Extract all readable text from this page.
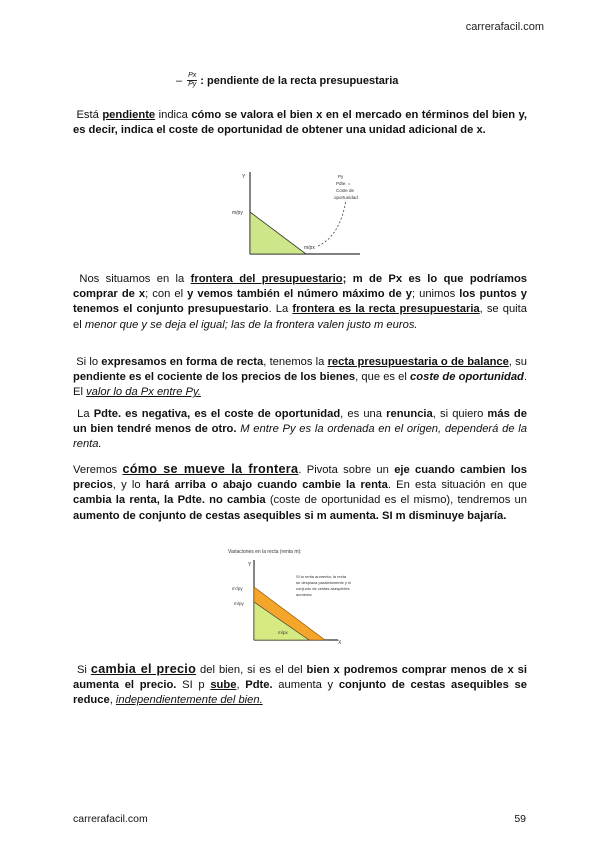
carrerafacil.com
– $\frac{Px}{Py}$ : pendiente de la recta presupuestaria

Está pendiente indica cómo se valora el bien x en el mercado en términos del bien y, es decir, indica el coste de oportunidad de obtener una unidad adicional de x.

Y
m/py
m/px
Py
Pdte. =
Coste de
oportunidad

Nos situamos en la frontera del presupuestario; m de Px es lo que podríamos comprar de x; con el y vemos también el número máximo de y; unimos los puntos y tenemos el conjunto presupuestario. La frontera es la recta presupuestaria, se quita el menor que y se deja el igual; las de la frontera valen justo m euros.

Si lo expresamos en forma de recta, tenemos la recta presupuestaria o de balance, su pendiente es el cociente de los precios de los bienes, que es el coste de oportunidad. El valor lo da Px entre Py.

La Pdte. es negativa, es el coste de oportunidad, es una renuncia, si quiero más de un bien tendré menos de otro. M entre Py es la ordenada en el origen, dependerá de la renta.

Veremos cómo se mueve la frontera. Pivota sobre un eje cuando cambien los precios, y lo hará arriba o abajo cuando cambie la renta. En esta situación en que cambia la renta, la Pdte. no cambia (coste de oportunidad es el mismo), tendremos un aumento de conjunto de cestas asequibles si m aumenta. SI m disminuye bajaría.

Variaciones en la recta (renta m):
Y
X
m'/py
m/py
m/px
Si la renta aumenta, la recta
se desplaza paralelamente y el
conjunto de cestas asequibles
aumenta

Si cambia el precio del bien, si es el del bien x podremos comprar menos de x si aumenta el precio. SI p sube, Pdte. aumenta y conjunto de cestas asequibles se reduce, independientemente del bien.

carrerafacil.com	59
